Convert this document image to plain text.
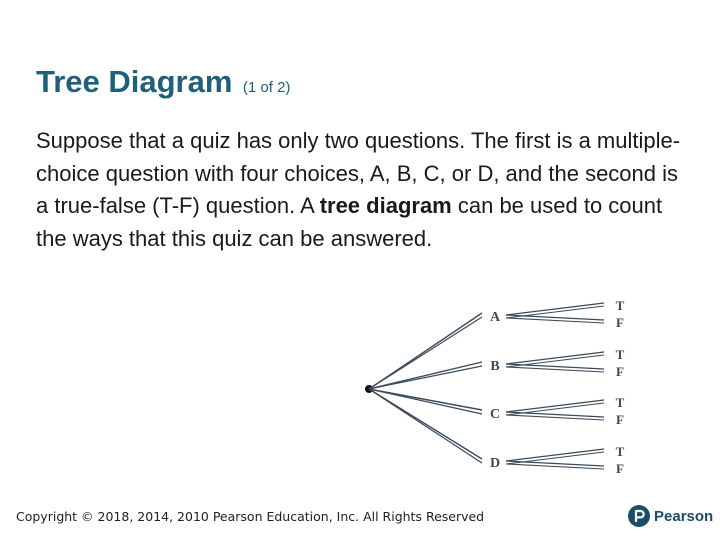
Tree Diagram (1 of 2)
Suppose that a quiz has only two questions. The first is a multiple-choice question with four choices, A, B, C, or D, and the second is a true-false (T-F) question. A tree diagram can be used to count the ways that this quiz can be answered.
A
T
F
B
T
F
C
T
F
D
T
F
Copyright © 2018, 2014, 2010 Pearson Education, Inc. All Rights Reserved	Pearson
